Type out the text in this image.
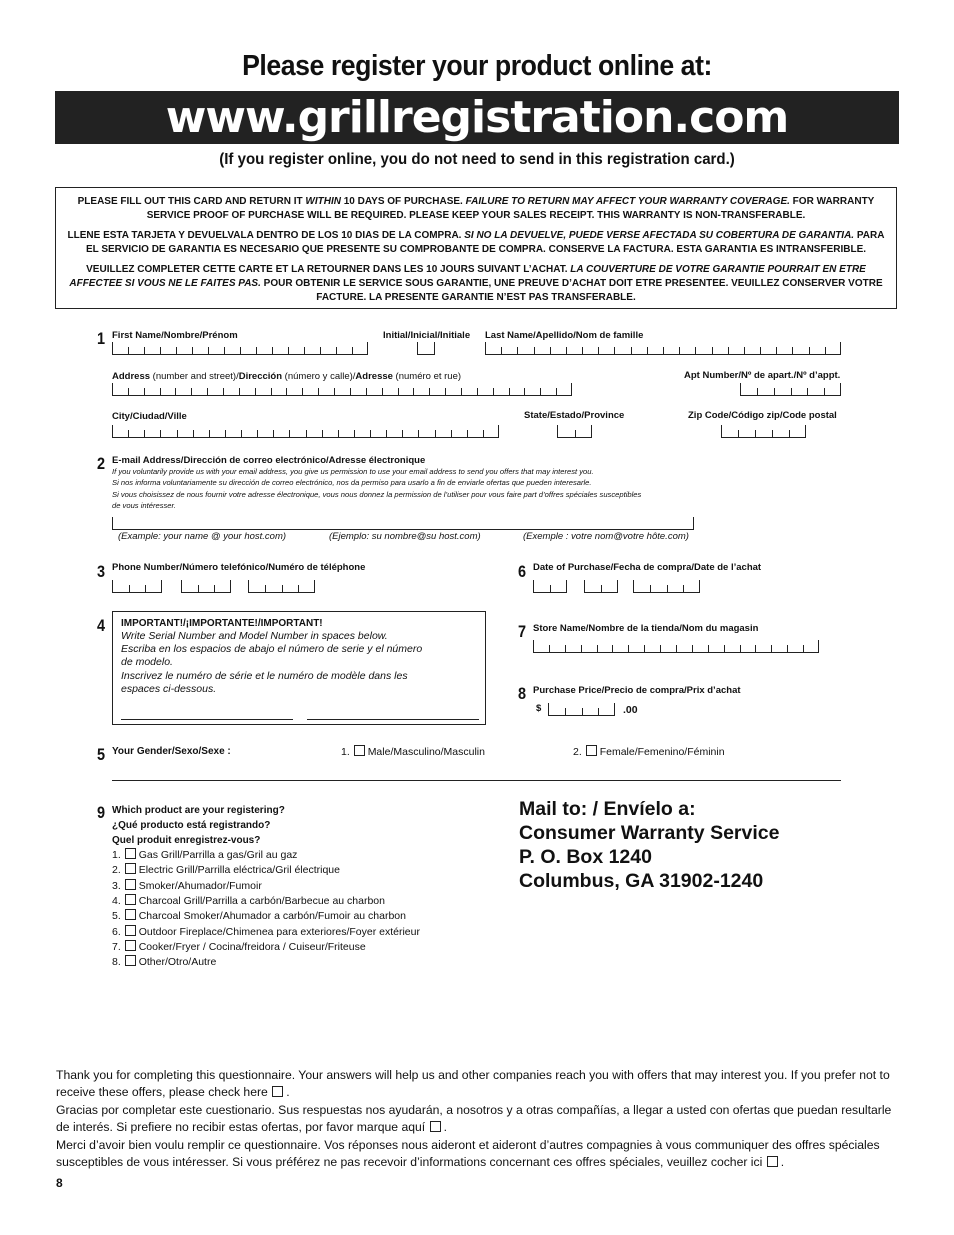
Please register your product online at:
www.grillregistration.com
(If you register online, you do not need to send in this registration card.)
PLEASE FILL OUT THIS CARD AND RETURN IT WITHIN 10 DAYS OF PURCHASE. FAILURE TO RETURN MAY AFFECT YOUR WARRANTY COVERAGE. FOR WARRANTY SERVICE PROOF OF PURCHASE WILL BE REQUIRED. PLEASE KEEP YOUR SALES RECEIPT. THIS WARRANTY IS NON-TRANSFERABLE.
LLENE ESTA TARJETA Y DEVUELVALA DENTRO DE LOS 10 DIAS DE LA COMPRA. SI NO LA DEVUELVE, PUEDE VERSE AFECTADA SU COBERTURA DE GARANTIA. PARA EL SERVICIO DE GARANTIA ES NECESARIO QUE PRESENTE SU COMPROBANTE DE COMPRA. CONSERVE LA FACTURA. ESTA GARANTIA ES INTRANSFERIBLE.
VEUILLEZ COMPLETER CETTE CARTE ET LA RETOURNER DANS LES 10 JOURS SUIVANT L’ACHAT. LA COUVERTURE DE VOTRE GARANTIE POURRAIT EN ETRE AFFECTEE SI VOUS NE LE FAITES PAS. POUR OBTENIR LE SERVICE SOUS GARANTIE, UNE PREUVE D’ACHAT DOIT ETRE PRESENTEE. VEUILLEZ CONSERVER VOTRE FACTURE. LA PRESENTE GARANTIE N’EST PAS TRANSFERABLE.
1 First Name/Nombre/Prénom	Initial/Inicial/Initiale Last Name/Apellido/Nom de famille
Address (number and street)/Dirección (número y calle)/Adresse (numéro et rue)	Apt Number/Nº de apart./Nº d’appt.
City/Ciudad/Ville	State/Estado/Province	Zip Code/Código zip/Code postal
2 E-mail Address/Dirección de correo electrónico/Adresse électronique
If you voluntarily provide us with your email address, you give us permission to use your email address to send you offers that may interest you.
Si nos informa voluntariamente su dirección de correo electrónico, nos da permiso para usarlo a fin de enviarle ofertas que pueden interesarle.
Si vous choisissez de nous fournir votre adresse électronique, vous nous donnez la permission de l’utiliser pour vous faire part d’offres spéciales susceptibles
de vous intéresser.
(Example: your name @ your host.com)	(Ejemplo: su nombre@su host.com)	(Exemple : votre nom@votre hôte.com)
3 Phone Number/Número telefónico/Numéro de téléphone	6 Date of Purchase/Fecha de compra/Date de l’achat
4 IMPORTANT!/¡IMPORTANTE!/IMPORTANT!
Write Serial Number and Model Number in spaces below.
Escriba en los espacios de abajo el número de serie y el número
de modelo.
Inscrivez le numéro de série et le numéro de modèle dans les
espaces ci-dessous.
7 Store Name/Nombre de la tienda/Nom du magasin
8 Purchase Price/Precio de compra/Prix d’achat
$	.00
5 Your Gender/Sexo/Sexe :	1. Male/Masculino/Masculin	2. Female/Femenino/Féminin
9 Which product are your registering?
¿Qué producto está registrando?
Quel produit enregistrez-vous?
1. Gas Grill/Parrilla a gas/Gril au gaz
2. Electric Grill/Parrilla eléctrica/Gril électrique
3. Smoker/Ahumador/Fumoir
4. Charcoal Grill/Parrilla a carbón/Barbecue au charbon
5. Charcoal Smoker/Ahumador a carbón/Fumoir au charbon
6. Outdoor Fireplace/Chimenea para exteriores/Foyer extérieur
7. Cooker/Fryer / Cocina/freidora / Cuiseur/Friteuse
8. Other/Otro/Autre
Mail to: / Envíelo a:
Consumer Warranty Service
P. O. Box 1240
Columbus, GA 31902-1240
Thank you for completing this questionnaire. Your answers will help us and other companies reach you with offers that may interest you. If you prefer not to receive these offers, please check here .
Gracias por completar este cuestionario. Sus respuestas nos ayudarán, a nosotros y a otras compañías, a llegar a usted con ofertas que puedan resultarle de interés. Si prefiere no recibir estas ofertas, por favor marque aquí .
Merci d’avoir bien voulu remplir ce questionnaire. Vos réponses nous aideront et aideront d’autres compagnies à vous communiquer des offres spéciales susceptibles de vous intéresser. Si vous préférez ne pas recevoir d’informations concernant ces offres spéciales, veuillez cocher ici .
8
